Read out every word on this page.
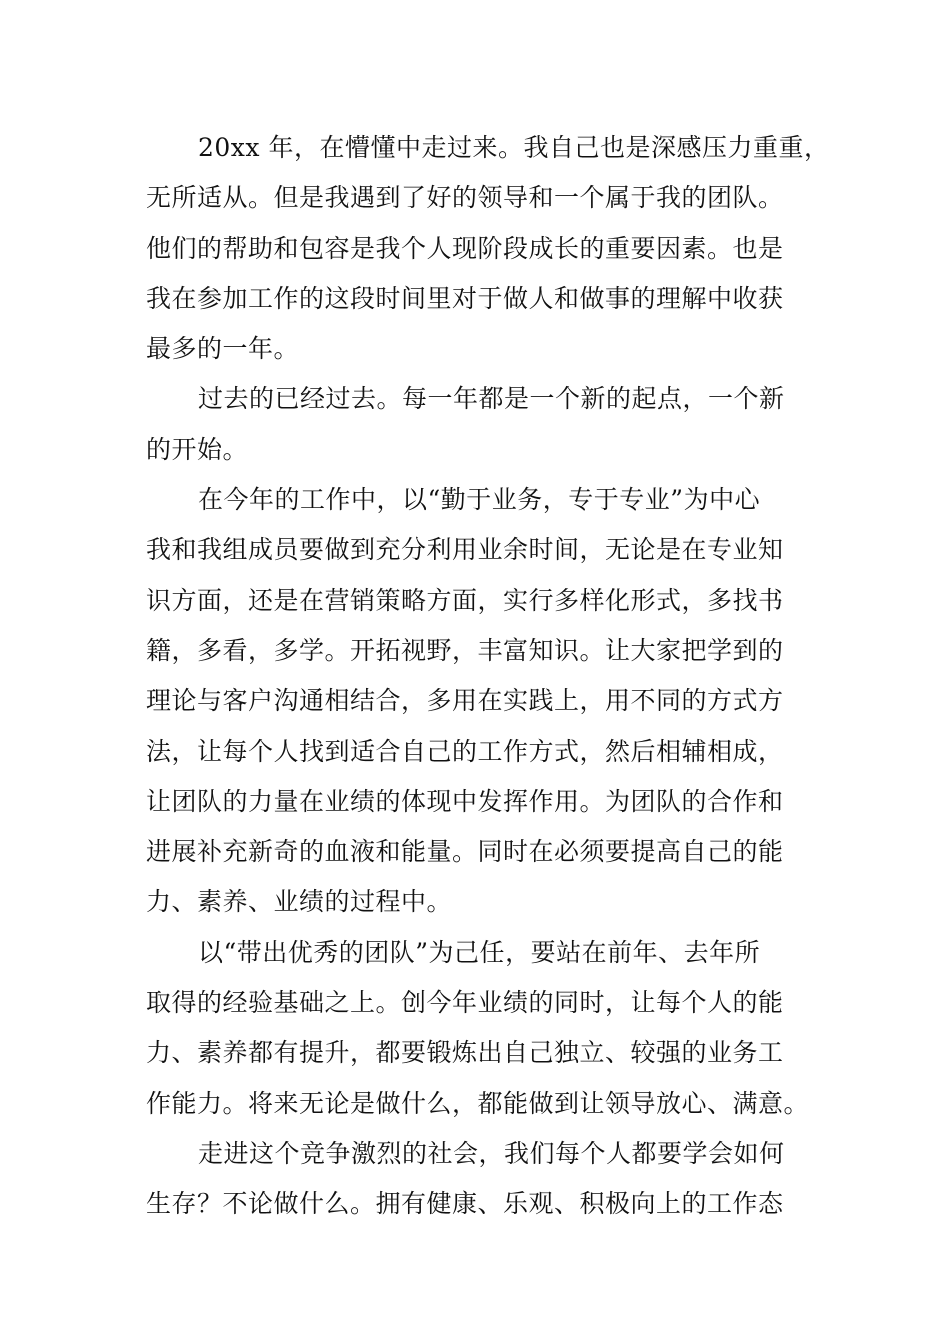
20xx 年，在懵懂中走过来。我自己也是深感压力重重，
无所适从。但是我遇到了好的领导和一个属于我的团队。
他们的帮助和包容是我个人现阶段成长的重要因素。也是
我在参加工作的这段时间里对于做人和做事的理解中收获
最多的一年。
过去的已经过去。每一年都是一个新的起点，一个新
的开始。
在今年的工作中，以“勤于业务，专于专业”为中心
我和我组成员要做到充分利用业余时间，无论是在专业知
识方面，还是在营销策略方面，实行多样化形式，多找书
籍，多看，多学。开拓视野，丰富知识。让大家把学到的
理论与客户沟通相结合，多用在实践上，用不同的方式方
法，让每个人找到适合自己的工作方式，然后相辅相成，
让团队的力量在业绩的体现中发挥作用。为团队的合作和
进展补充新奇的血液和能量。同时在必须要提高自己的能
力、素养、业绩的过程中。
以“带出优秀的团队”为己任，要站在前年、去年所
取得的经验基础之上。创今年业绩的同时，让每个人的能
力、素养都有提升，都要锻炼出自己独立、较强的业务工
作能力。将来无论是做什么，都能做到让领导放心、满意。
走进这个竞争激烈的社会，我们每个人都要学会如何
生存？不论做什么。拥有健康、乐观、积极向上的工作态
